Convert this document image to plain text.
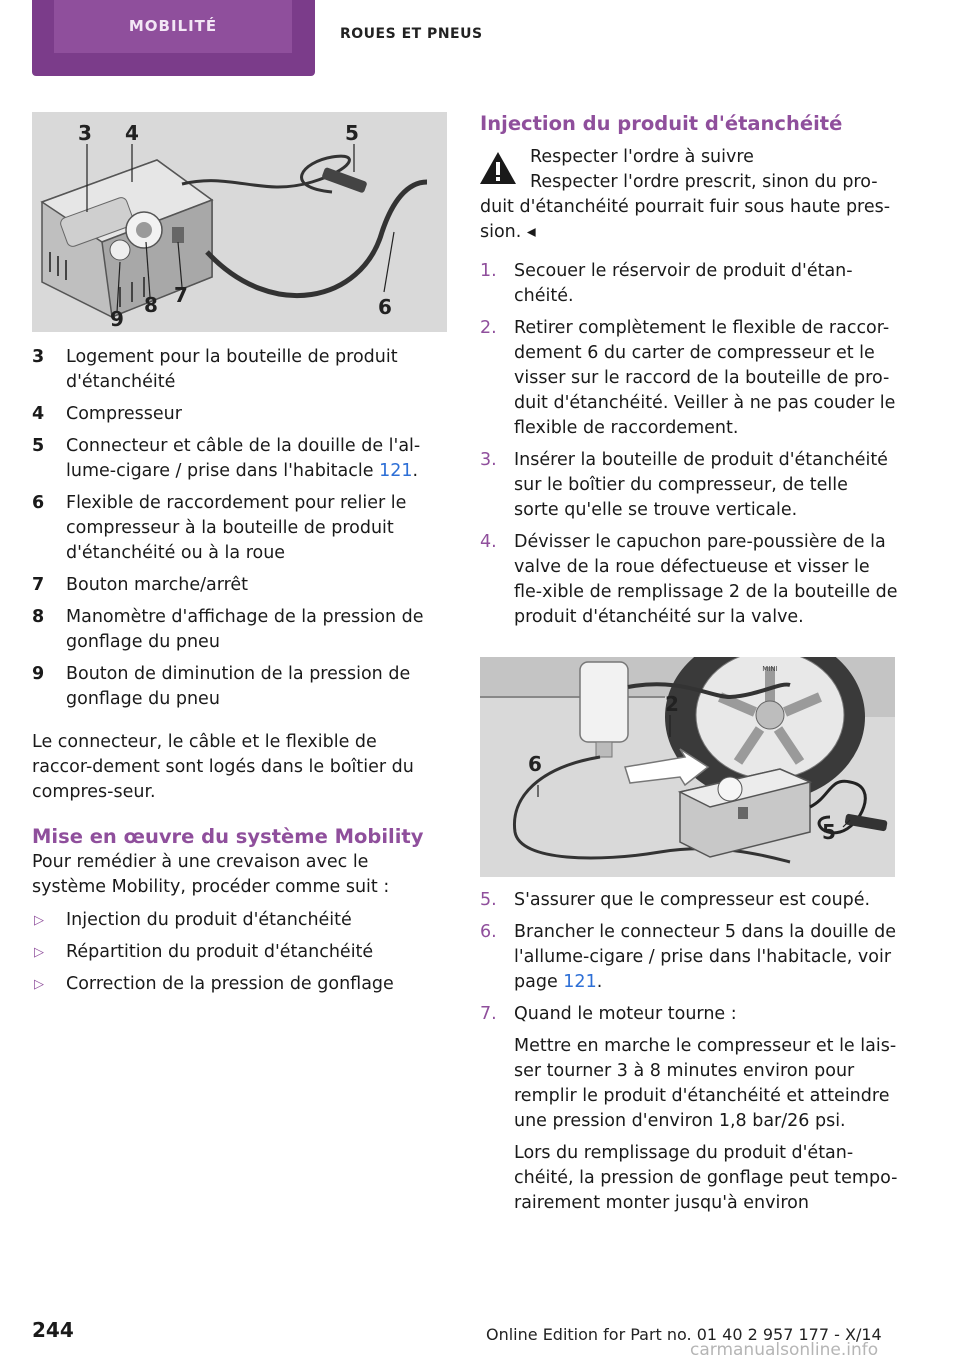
MOBILITÉ	ROUES ET PNEUS
3 4	5
6
7
8
9
3 Logement pour la bouteille de produit d'étanchéité
4 Compresseur
5 Connecteur et câble de la douille de l'al-lume-cigare / prise dans l'habitacle 121.
6 Flexible de raccordement pour relier le compresseur à la bouteille de produit d'étanchéité ou à la roue
7 Bouton marche/arrêt
8 Manomètre d'affichage de la pression de gonflage du pneu
9 Bouton de diminution de la pression de gonflage du pneu

Le connecteur, le câble et le flexible de raccor-dement sont logés dans le boîtier du compres-seur.

Mise en œuvre du système Mobility

Pour remédier à une crevaison avec le système Mobility, procéder comme suit :

▷ Injection du produit d'étanchéité
▷ Répartition du produit d'étanchéité
▷ Correction de la pression de gonflage
Injection du produit d'étanchéité
Respecter l'ordre à suivre
Respecter l'ordre prescrit, sinon du pro-duit d'étanchéité pourrait fuir sous haute pres-sion. ◂
1. Secouer le réservoir de produit d'étan-chéité.
2. Retirer complètement le flexible de raccor-dement 6 du carter de compresseur et le visser sur le raccord de la bouteille de pro-duit d'étanchéité. Veiller à ne pas couder le flexible de raccordement.
3. Insérer la bouteille de produit d'étanchéité sur le boîtier du compresseur, de telle sorte qu'elle se trouve verticale.
4. Dévisser le capuchon pare-poussière de la valve de la roue défectueuse et visser le fle-xible de remplissage 2 de la bouteille de produit d'étanchéité sur la valve.
MINI
2
6
5
5. S'assurer que le compresseur est coupé.
6. Brancher le connecteur 5 dans la douille de l'allume-cigare / prise dans l'habitacle, voir page 121.
7. Quand le moteur tourne :

Mettre en marche le compresseur et le lais-ser tourner 3 à 8 minutes environ pour remplir le produit d'étanchéité et atteindre une pression d'environ 1,8 bar/26 psi.

Lors du remplissage du produit d'étan-chéité, la pression de gonflage peut tempo-rairement monter jusqu'à environ

244	Online Edition for Part no. 01 40 2 957 177 - X/14
carmanualsonline.info
